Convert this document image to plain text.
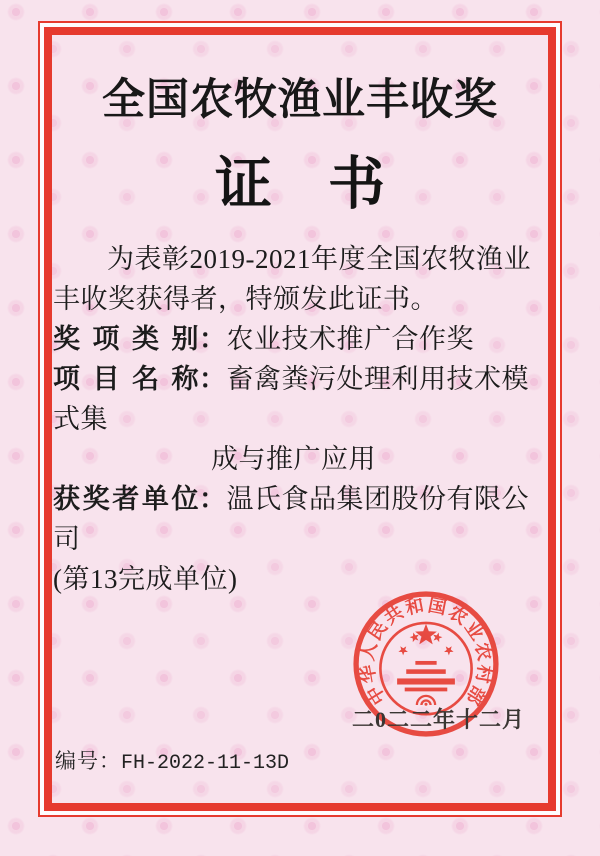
全国农牧渔业丰收奖
证书
为表彰2019-2021年度全国农牧渔业
丰收奖获得者，特颁发此证书。
奖项类别：农业技术推广合作奖
项目名称：畜禽粪污处理利用技术模式集
成与推广应用
获奖者单位：温氏食品集团股份有限公司
(第13完成单位)
中
华
人
民
共
和 国
农
业
农
村
部
二0二二年十二月
编号：FH-2022-11-13D
